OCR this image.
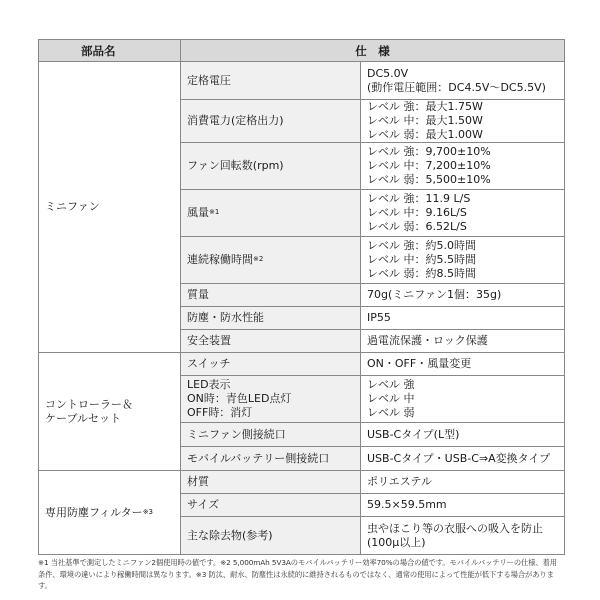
部品名	仕　様	

ミニファン	定格電圧	DC5.0V
(動作電圧範囲：DC4.5V〜DC5.5V)

	消費電力(定格出力)	レベル 強：最大1.75W
レベル 中：最大1.50W
レベル 弱：最大1.00W

	ファン回転数(rpm)	レベル 強：9,700±10%
レベル 中：7,200±10%
レベル 弱：5,500±10%

	風量$^{※1}$	レベル 強：11.9 L/S
レベル 中：9.16L/S
レベル 弱：6.52L/S

	連続稼働時間$^{※2}$	レベル 強：約5.0時間
レベル 中：約5.5時間
レベル 弱：約8.5時間

	質量	70g(ミニファン1個：35g)

	防塵・防水性能	IP55

	安全装置	過電流保護・ロック保護

コントローラー＆
ケーブルセット	スイッチ	ON・OFF・風量変更

	LED表示
ON時：青色LED点灯
OFF時：消灯	レベル 強
レベル 中
レベル 弱

	ミニファン側接続口	USB-Cタイプ(L型)

	モバイルバッテリー側接続口	USB-Cタイプ・USB-C⇒A変換タイプ

専用防塵フィルター$^{※3}$	材質	ポリエステル

	サイズ	59.5×59.5mm

	主な除去物(参考)	虫やほこり等の衣服への吸入を防止
(100μ以上)
※1 当社基準で測定したミニファン2個使用時の値です。※2 5,000mAh 5V3Aのモバイルバッテリー効率70%の場合の値です。モバイルバッテリーの仕様、着用
条件、環境の違いにより稼働時間は異なります。※3 防汰、耐水、防塵性は永続的に維持されるものではなく、通常の使用によって性能が低下する場合があります。
